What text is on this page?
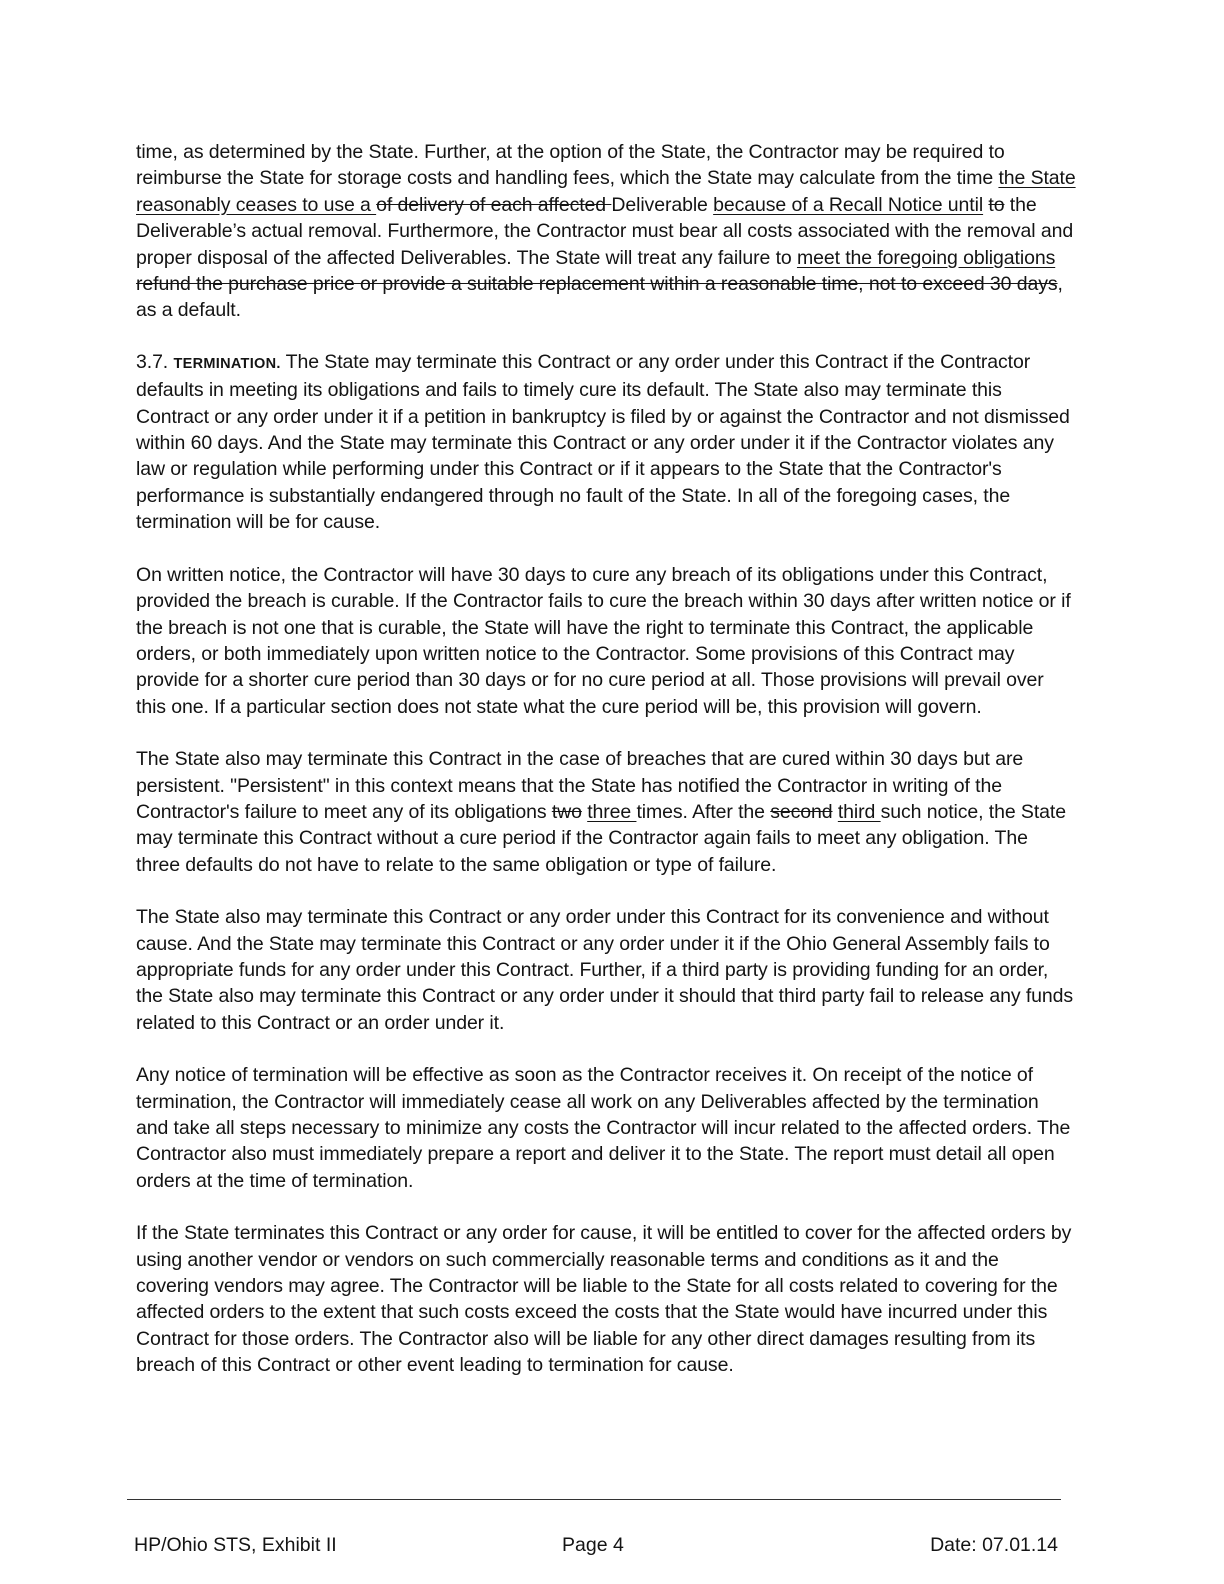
time, as determined by the State. Further, at the option of the State, the Contractor may be required to reimburse the State for storage costs and handling fees, which the State may calculate from the time the State reasonably ceases to use a of delivery of each affected Deliverable because of a Recall Notice until to the Deliverable’s actual removal. Furthermore, the Contractor must bear all costs associated with the removal and proper disposal of the affected Deliverables. The State will treat any failure to meet the foregoing obligations refund the purchase price or provide a suitable replacement within a reasonable time, not to exceed 30 days, as a default.

3.7. TERMINATION. The State may terminate this Contract or any order under this Contract if the Contractor defaults in meeting its obligations and fails to timely cure its default. The State also may terminate this Contract or any order under it if a petition in bankruptcy is filed by or against the Contractor and not dismissed within 60 days. And the State may terminate this Contract or any order under it if the Contractor violates any law or regulation while performing under this Contract or if it appears to the State that the Contractor's performance is substantially endangered through no fault of the State. In all of the foregoing cases, the termination will be for cause.

On written notice, the Contractor will have 30 days to cure any breach of its obligations under this Contract, provided the breach is curable. If the Contractor fails to cure the breach within 30 days after written notice or if the breach is not one that is curable, the State will have the right to terminate this Contract, the applicable orders, or both immediately upon written notice to the Contractor. Some provisions of this Contract may provide for a shorter cure period than 30 days or for no cure period at all. Those provisions will prevail over this one. If a particular section does not state what the cure period will be, this provision will govern.

The State also may terminate this Contract in the case of breaches that are cured within 30 days but are persistent. "Persistent" in this context means that the State has notified the Contractor in writing of the Contractor's failure to meet any of its obligations two three times. After the second third such notice, the State may terminate this Contract without a cure period if the Contractor again fails to meet any obligation. The three defaults do not have to relate to the same obligation or type of failure.

The State also may terminate this Contract or any order under this Contract for its convenience and without cause. And the State may terminate this Contract or any order under it if the Ohio General Assembly fails to appropriate funds for any order under this Contract. Further, if a third party is providing funding for an order, the State also may terminate this Contract or any order under it should that third party fail to release any funds related to this Contract or an order under it.

Any notice of termination will be effective as soon as the Contractor receives it. On receipt of the notice of termination, the Contractor will immediately cease all work on any Deliverables affected by the termination and take all steps necessary to minimize any costs the Contractor will incur related to the affected orders. The Contractor also must immediately prepare a report and deliver it to the State. The report must detail all open orders at the time of termination.

If the State terminates this Contract or any order for cause, it will be entitled to cover for the affected orders by using another vendor or vendors on such commercially reasonable terms and conditions as it and the covering vendors may agree. The Contractor will be liable to the State for all costs related to covering for the affected orders to the extent that such costs exceed the costs that the State would have incurred under this Contract for those orders. The Contractor also will be liable for any other direct damages resulting from its breach of this Contract or other event leading to termination for cause.

HP/Ohio STS, Exhibit II	Page 4	Date: 07.01.14
